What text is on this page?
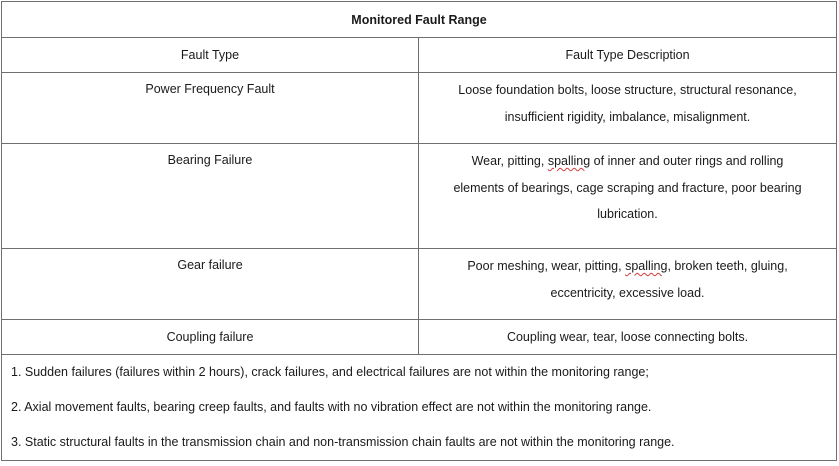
Monitored Fault Range	
Fault Type	Fault Type Description
Power Frequency Fault	Loose foundation bolts, loose structure, structural resonance,
insufficient rigidity, imbalance, misalignment.

Bearing Failure	Wear, pitting, spalling of inner and outer rings and rolling
elements of bearings, cage scraping and fracture, poor bearing
lubrication.

Gear failure	Poor meshing, wear, pitting, spalling, broken teeth, gluing,
eccentricity, excessive load.

Coupling failure	Coupling wear, tear, loose connecting bolts.

1. Sudden failures (failures within 2 hours), crack failures, and electrical failures are not within the monitoring range;
2. Axial movement faults, bearing creep faults, and faults with no vibration effect are not within the monitoring range.
3. Static structural faults in the transmission chain and non-transmission chain faults are not within the monitoring range.	
